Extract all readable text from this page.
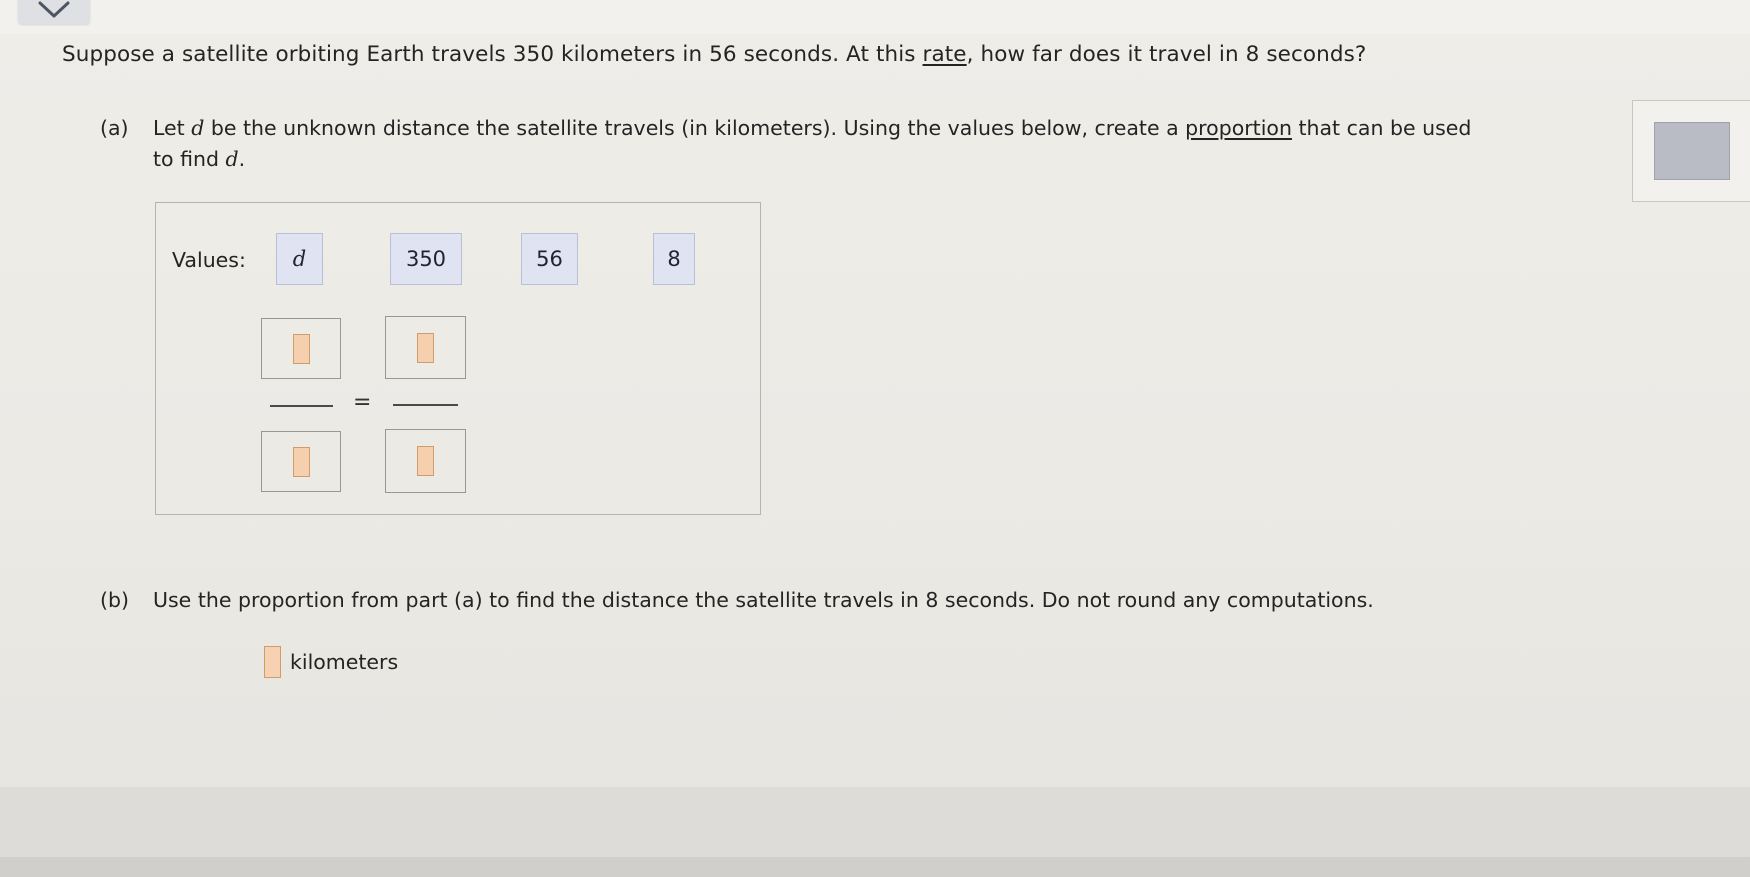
Suppose a satellite orbiting Earth travels 350 kilometers in 56 seconds. At this rate, how far does it travel in 8 seconds?
(a) Let d be the unknown distance the satellite travels (in kilometers). Using the values below, create a proportion that can be used to find d.
Values:	d	350	56	8
=
(b) Use the proportion from part (a) to find the distance the satellite travels in 8 seconds. Do not round any computations.
kilometers
